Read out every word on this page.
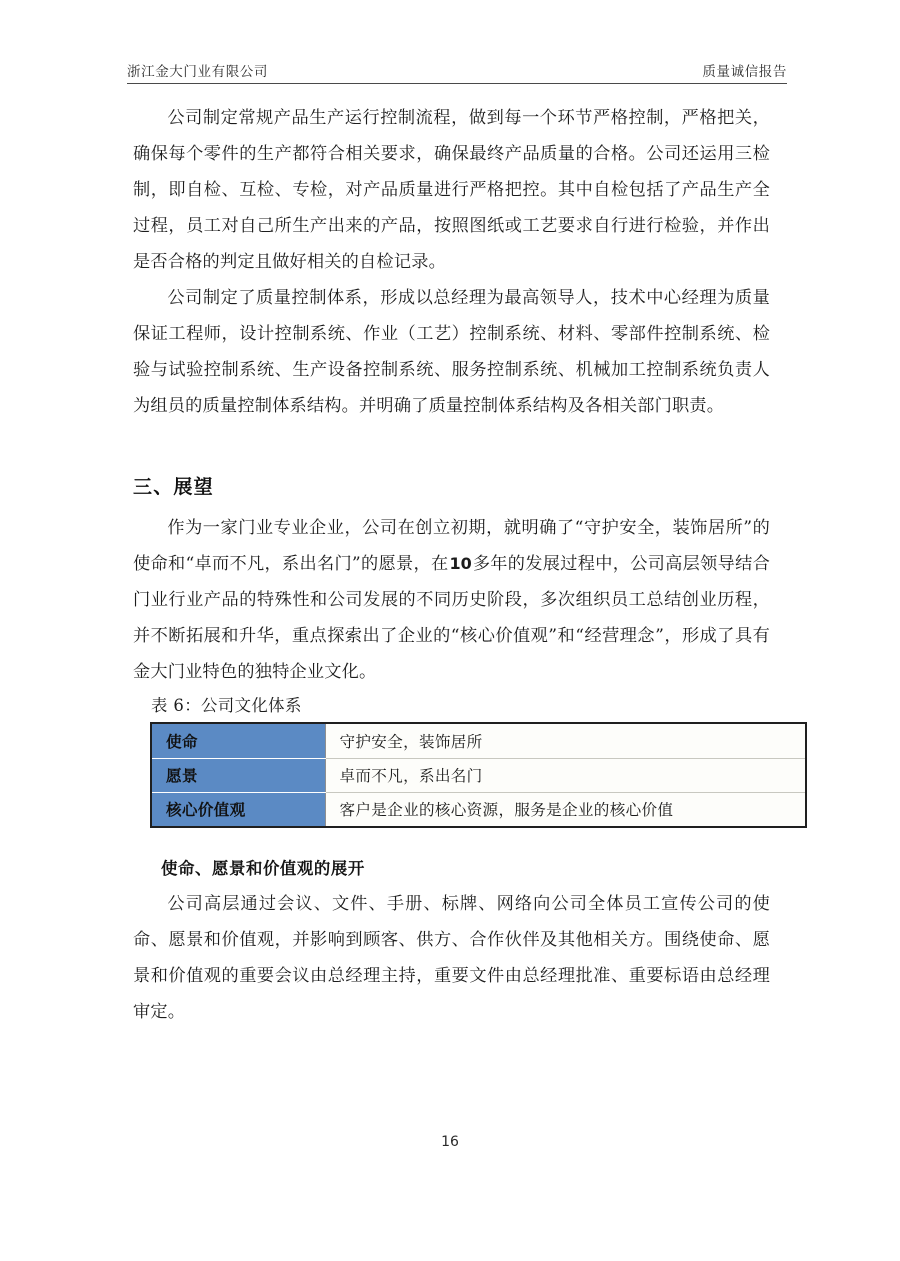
浙江金大门业有限公司	质量诚信报告

公司制定常规产品生产运行控制流程，做到每一个环节严格控制，严格把关，确保每个零件的生产都符合相关要求，确保最终产品质量的合格。公司还运用三检制，即自检、互检、专检，对产品质量进行严格把控。其中自检包括了产品生产全过程，员工对自己所生产出来的产品，按照图纸或工艺要求自行进行检验，并作出是否合格的判定且做好相关的自检记录。

公司制定了质量控制体系，形成以总经理为最高领导人，技术中心经理为质量保证工程师，设计控制系统、作业（工艺）控制系统、材料、零部件控制系统、检验与试验控制系统、生产设备控制系统、服务控制系统、机械加工控制系统负责人为组员的质量控制体系结构。并明确了质量控制体系结构及各相关部门职责。

三、展望

作为一家门业专业企业，公司在创立初期，就明确了“守护安全，装饰居所”的使命和“卓而不凡，系出名门”的愿景，在10多年的发展过程中，公司高层领导结合门业行业产品的特殊性和公司发展的不同历史阶段，多次组织员工总结创业历程，并不断拓展和升华，重点探索出了企业的“核心价值观”和“经营理念”，形成了具有金大门业特色的独特企业文化。

表 6：公司文化体系
使命	守护安全，装饰居所
愿景	卓而不凡，系出名门
核心价值观	客户是企业的核心资源，服务是企业的核心价值
使命、愿景和价值观的展开

公司高层通过会议、文件、手册、标牌、网络向公司全体员工宣传公司的使命、愿景和价值观，并影响到顾客、供方、合作伙伴及其他相关方。围绕使命、愿景和价值观的重要会议由总经理主持，重要文件由总经理批准、重要标语由总经理审定。

16
